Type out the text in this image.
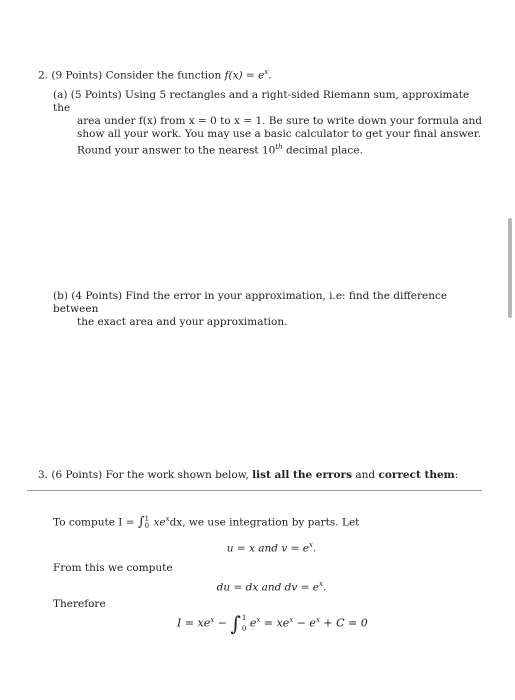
2. (9 Points) Consider the function $f(x) = e^x$.
(a) (5 Points) Using 5 rectangles and a right-sided Riemann sum, approximate the
area under f(x) from x = 0 to x = 1. Be sure to write down your formula and
show all your work. You may use a basic calculator to get your final answer.
Round your answer to the nearest 10th decimal place.
(b) (4 Points) Find the error in your approximation, i.e: find the difference between
the exact area and your approximation.
3. (6 Points) For the work shown below, list all the errors and correct them:
To compute I = ∫ 1
0 $xe^xdx$, we use integration by parts. Let
u = x and $v = e^x$.
From this we compute
du = dx and dv = $e^x$.
Therefore
$I = xe^x$ − ∫ 1
0 $e^x = xe^x - e^x + C = 0$
